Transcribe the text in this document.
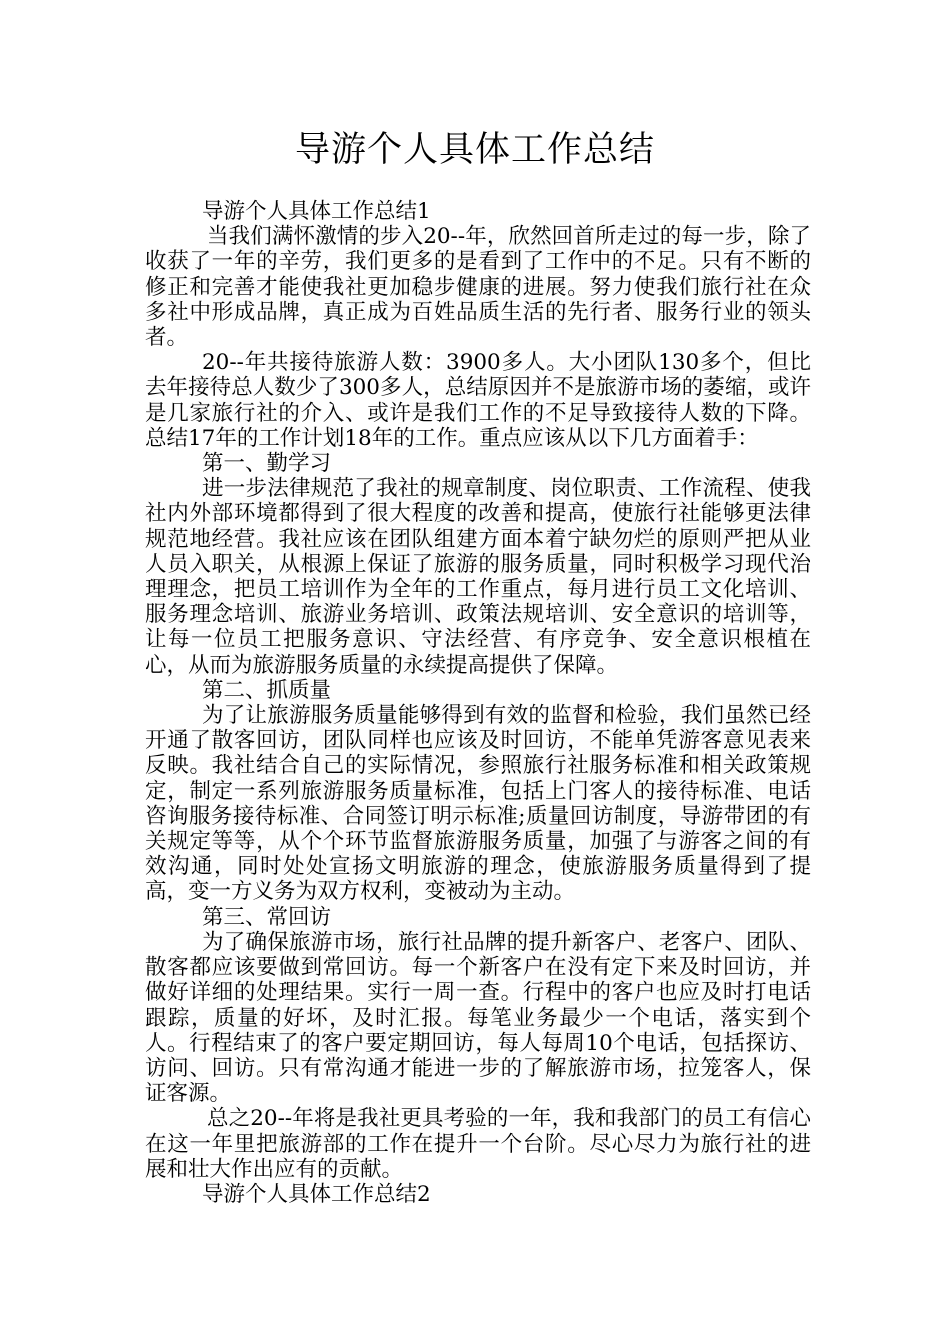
导游个人具体工作总结

导游个人具体工作总结1

当我们满怀激情的步入20--年，欣然回首所走过的每一步，除了收获了一年的辛劳，我们更多的是看到了工作中的不足。只有不断的修正和完善才能使我社更加稳步健康的进展。努力使我们旅行社在众多社中形成品牌，真正成为百姓品质生活的先行者、服务行业的领头者。

20--年共接待旅游人数：3900多人。大小团队130多个，但比去年接待总人数少了300多人，总结原因并不是旅游市场的萎缩，或许是几家旅行社的介入、或许是我们工作的不足导致接待人数的下降。总结17年的工作计划18年的工作。重点应该从以下几方面着手：

第一、勤学习

进一步法律规范了我社的规章制度、岗位职责、工作流程、使我社内外部环境都得到了很大程度的改善和提高，使旅行社能够更法律规范地经营。我社应该在团队组建方面本着宁缺勿烂的原则严把从业人员入职关，从根源上保证了旅游的服务质量，同时积极学习现代治理理念，把员工培训作为全年的工作重点，每月进行员工文化培训、服务理念培训、旅游业务培训、政策法规培训、安全意识的培训等，让每一位员工把服务意识、守法经营、有序竞争、安全意识根植在心，从而为旅游服务质量的永续提高提供了保障。

第二、抓质量

为了让旅游服务质量能够得到有效的监督和检验，我们虽然已经开通了散客回访，团队同样也应该及时回访，不能单凭游客意见表来反映。我社结合自己的实际情况，参照旅行社服务标准和相关政策规定，制定一系列旅游服务质量标准，包括上门客人的接待标准、电话咨询服务接待标准、合同签订明示标准;质量回访制度，导游带团的有关规定等等，从个个环节监督旅游服务质量，加强了与游客之间的有效沟通，同时处处宣扬文明旅游的理念，使旅游服务质量得到了提高，变一方义务为双方权利，变被动为主动。

第三、常回访

为了确保旅游市场，旅行社品牌的提升新客户、老客户、团队、散客都应该要做到常回访。每一个新客户在没有定下来及时回访，并做好详细的处理结果。实行一周一查。行程中的客户也应及时打电话跟踪，质量的好坏，及时汇报。每笔业务最少一个电话，落实到个人。行程结束了的客户要定期回访，每人每周10个电话，包括探访、访问、回访。只有常沟通才能进一步的了解旅游市场，拉笼客人，保证客源。

总之20--年将是我社更具考验的一年，我和我部门的员工有信心在这一年里把旅游部的工作在提升一个台阶。尽心尽力为旅行社的进展和壮大作出应有的贡献。

导游个人具体工作总结2
